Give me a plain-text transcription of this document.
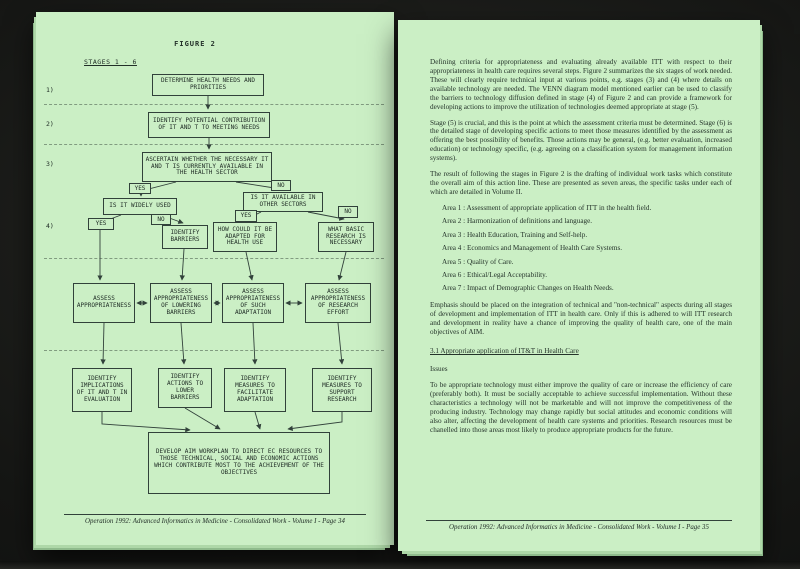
FIGURE 2
STAGES 1 - 6
1)
2)
3)
4)
DETERMINE HEALTH NEEDS AND PRIORITIES
IDENTIFY POTENTIAL CONTRIBUTION OF IT AND T TO MEETING NEEDS
ASCERTAIN WHETHER THE NECESSARY IT AND T IS CURRENTLY AVAILABLE IN THE HEALTH SECTOR
YES	NO
IS IT WIDELY USED
IS IT AVAILABLE IN OTHER SECTORS
YES
NO	YES
NO
IDENTIFY BARRIERS
HOW COULD IT BE ADAPTED FOR HEALTH USE
WHAT BASIC RESEARCH IS NECESSARY
ASSESS APPROPRIATENESS
ASSESS APPROPRIATENESS OF LOWERING BARRIERS
ASSESS APPROPRIATENESS OF SUCH ADAPTATION
ASSESS APPROPRIATENESS OF RESEARCH EFFORT
IDENTIFY IMPLICATIONS OF IT AND T IN EVALUATION
IDENTIFY ACTIONS TO LOWER BARRIERS
IDENTIFY MEASURES TO FACILITATE ADAPTATION
IDENTIFY MEASURES TO SUPPORT RESEARCH
DEVELOP AIM WORKPLAN TO DIRECT EC RESOURCES TO THOSE TECHNICAL, SOCIAL AND ECONOMIC ACTIONS WHICH CONTRIBUTE MOST TO THE ACHIEVEMENT OF THE OBJECTIVES
Operation 1992: Advanced Informatics in Medicine - Consolidated Work - Volume I - Page 34

Defining criteria for appropriateness and evaluating already available ITT with respect to their appropriateness in health care requires several steps. Figure 2 summarizes the six stages of work needed. These will clearly require technical input at various points, e.g. stages (3) and (4) where details on available technology are needed. The VENN diagram model mentioned earlier can be used to classify the barriers to technology diffusion defined in stage (4) of Figure 2 and can provide a framework for developing actions to improve the utilization of technologies deemed appropriate at stage (5).

Stage (5) is crucial, and this is the point at which the assessment criteria must be determined. Stage (6) is the detailed stage of developing specific actions to meet those measures identified by the assessment as offering the best possibility of benefits. Those actions may be general, (e.g. better evaluation, increased education) or technology specific, (e.g. agreeing on a classification system for management information systems).

The result of following the stages in Figure 2 is the drafting of individual work tasks which constitute the overall aim of this action line. These are presented as seven areas, the specific tasks under each of which are detailed in Volume II.

Area 1 : Assessment of appropriate application of ITT in the health field.
Area 2 : Harmonization of definitions and language.
Area 3 : Health Education, Training and Self-help.
Area 4 : Economics and Management of Health Care Systems.
Area 5 : Quality of Care.
Area 6 : Ethical/Legal Acceptability.
Area 7 : Impact of Demographic Changes on Health Needs.

Emphasis should be placed on the integration of technical and "non-technical" aspects during all stages of development and implementation of ITT in health care. Only if this is adhered to will ITT research and development in reality have a chance of improving the quality of health care, one of the main objectives of AIM.

3.1 Appropriate application of IT&T in Health Care
Issues

To be appropriate technology must either improve the quality of care or increase the efficiency of care (preferably both). It must be socially acceptable to achieve successful implementation. Without these characteristics a technology will not be marketable and will not improve the competitiveness of the producing industry. Technology may change rapidly but social attitudes and economic conditions will also alter, affecting the development of health care systems and priorities. Research resources must be chanelled into those areas most likely to produce appropriate products for the future.

Operation 1992: Advanced Informatics in Medicine - Consolidated Work - Volume I - Page 35
